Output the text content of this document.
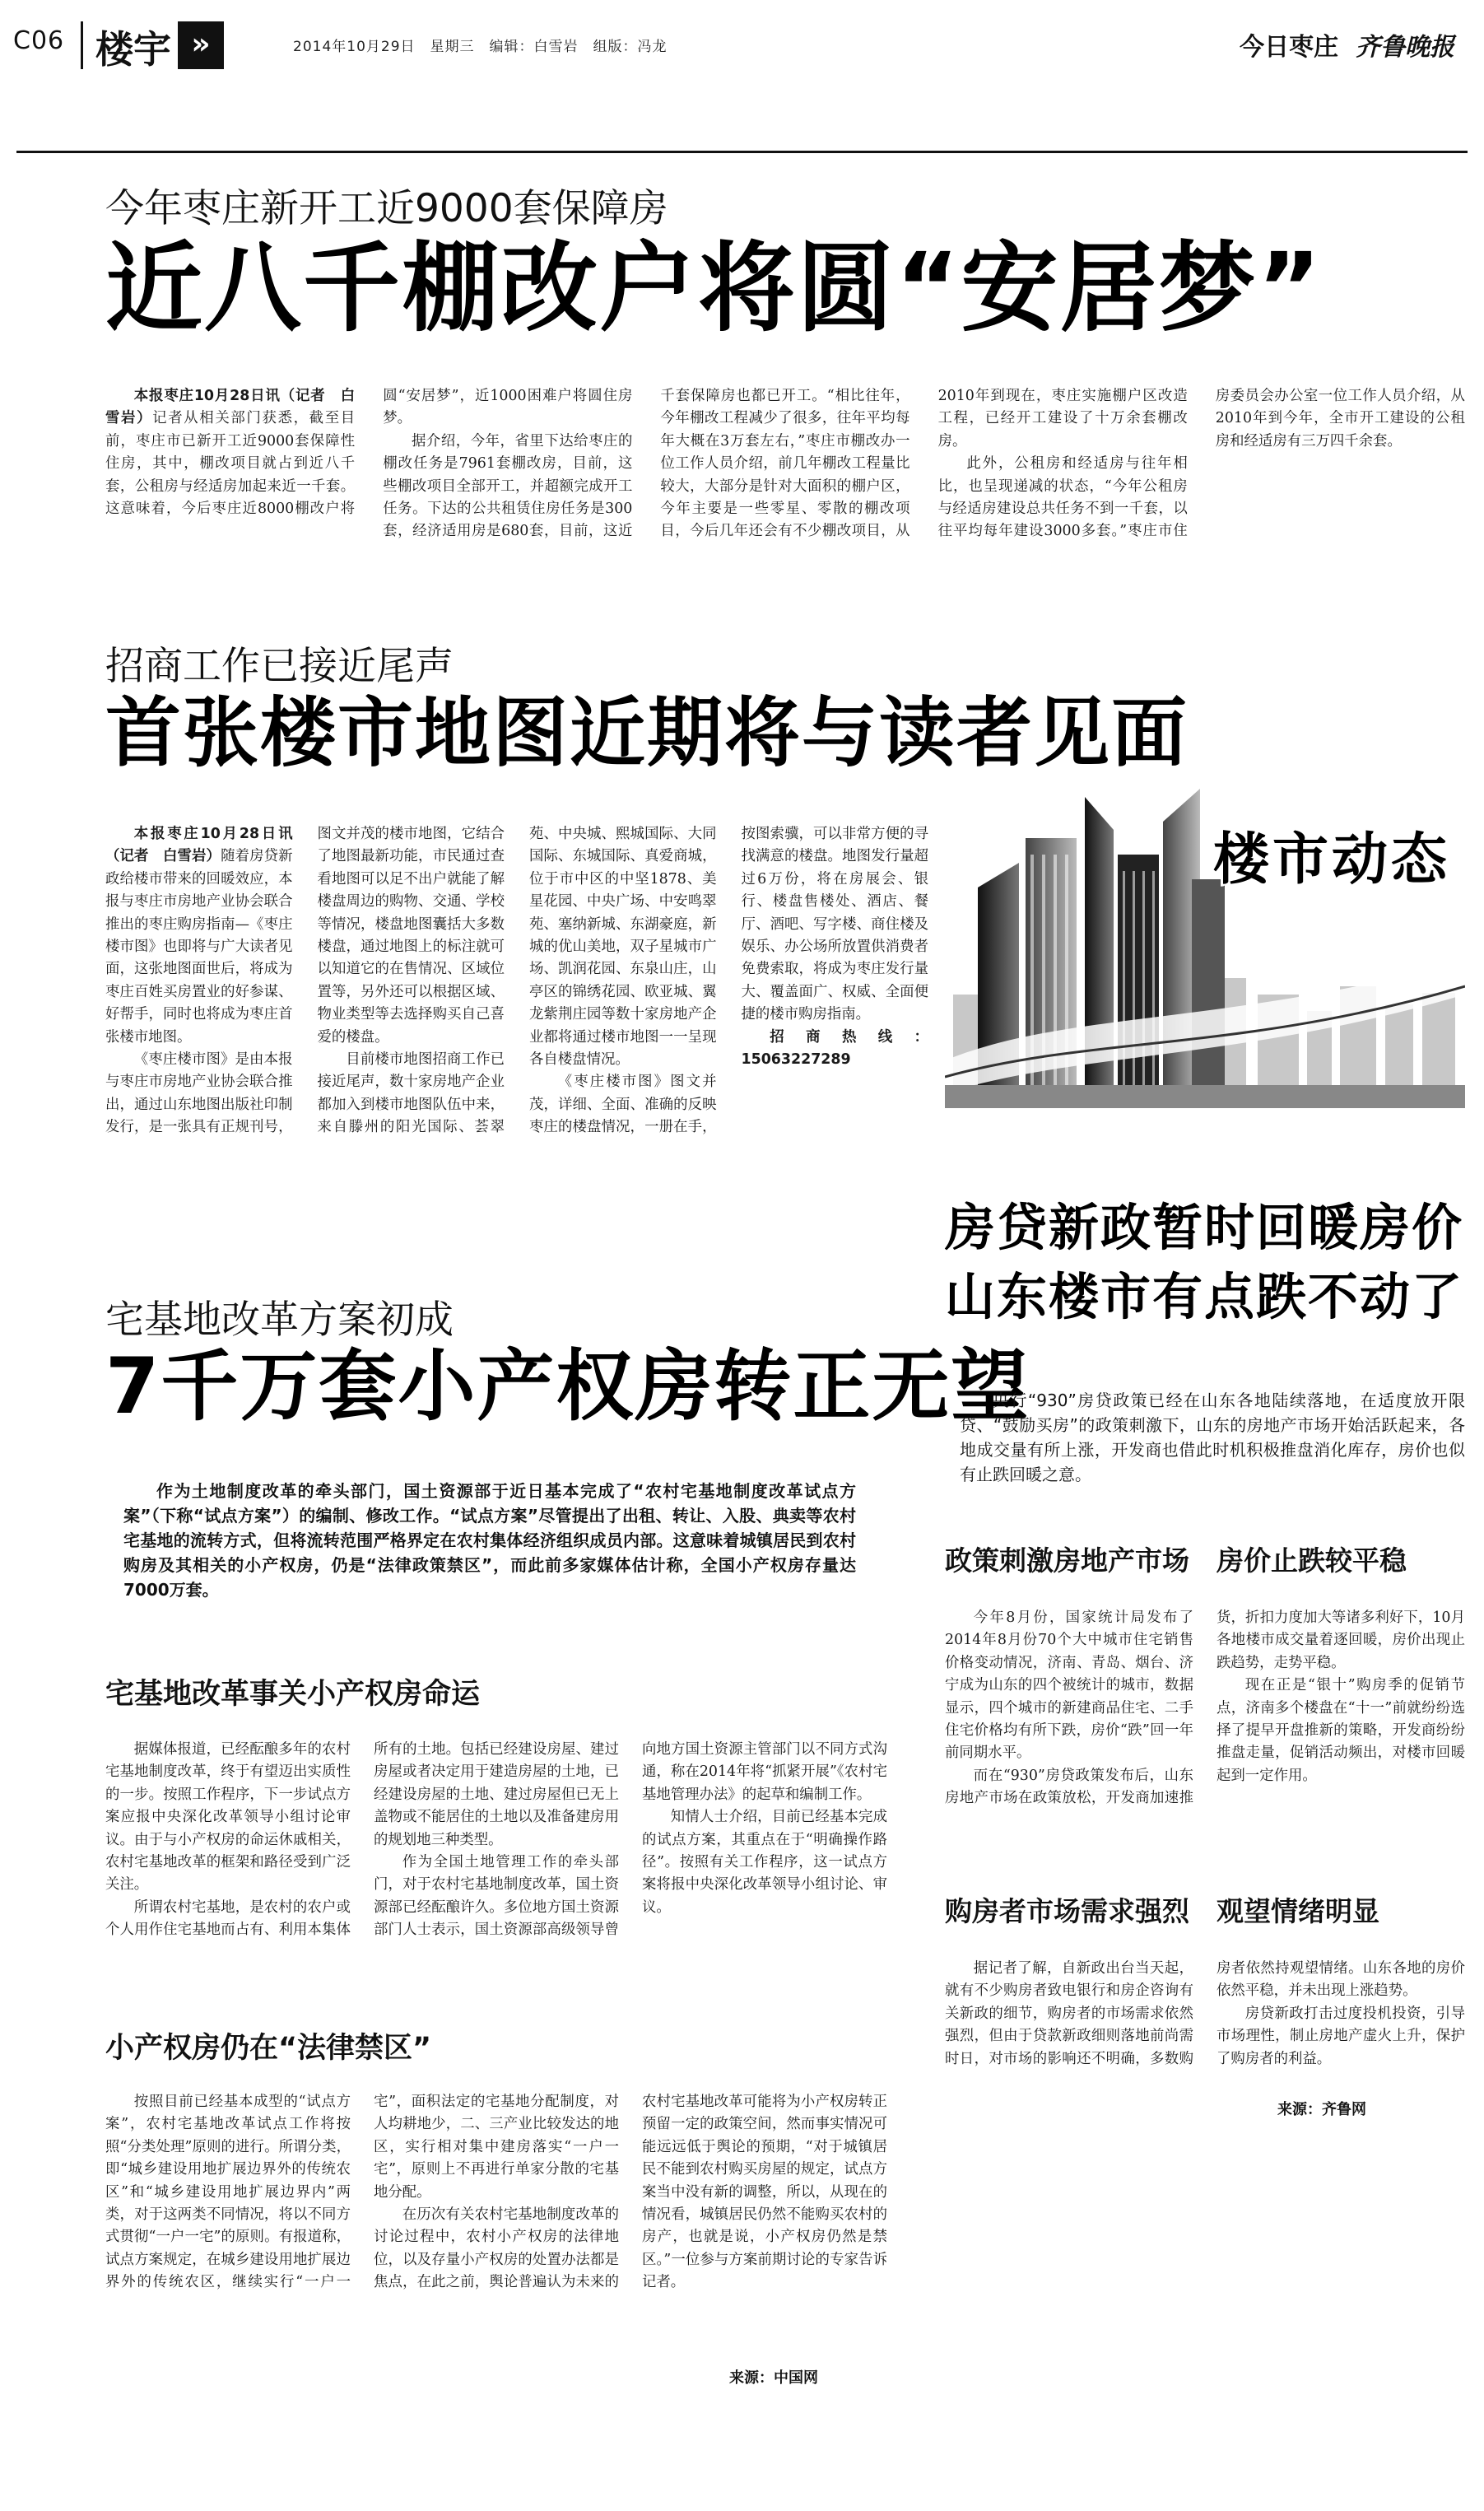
C06 楼宇 »	2014年10月29日　星期三　编辑：白雪岩　组版：冯龙	今日枣庄 齐鲁晚报
今年枣庄新开工近9000套保障房
近八千棚改户将圆“安居梦”

本报枣庄10月28日讯（记者　白雪岩）记者从相关部门获悉，截至目前，枣庄市已新开工近9000套保障性住房，其中，棚改项目就占到近八千套，公租房与经适房加起来近一千套。这意味着，今后枣庄近8000棚改户将圆“安居梦”，近1000困难户将圆住房梦。

据介绍，今年，省里下达给枣庄的棚改任务是7961套棚改房，目前，这些棚改项目全部开工，并超额完成开工任务。下达的公共租赁住房任务是300套，经济适用房是680套，目前，这近千套保障房也都已开工。“相比往年，今年棚改工程减少了很多，往年平均每年大概在3万套左右，”枣庄市棚改办一位工作人员介绍，前几年棚改工程量比较大，大部分是针对大面积的棚户区，今年主要是一些零星、零散的棚改项目，今后几年还会有不少棚改项目，从2010年到现在，枣庄实施棚户区改造工程，已经开工建设了十万余套棚改房。

此外，公租房和经适房与往年相比，也呈现递减的状态，“今年公租房与经适房建设总共任务不到一千套，以往平均每年建设3000多套。”枣庄市住房委员会办公室一位工作人员介绍，从2010年到今年，全市开工建设的公租房和经适房有三万四千余套。

招商工作已接近尾声
首张楼市地图近期将与读者见面

本报枣庄10月28日讯（记者　白雪岩）随着房贷新政给楼市带来的回暖效应，本报与枣庄市房地产业协会联合推出的枣庄购房指南—《枣庄楼市图》也即将与广大读者见面，这张地图面世后，将成为枣庄百姓买房置业的好参谋、好帮手，同时也将成为枣庄首张楼市地图。

《枣庄楼市图》是由本报与枣庄市房地产业协会联合推出，通过山东地图出版社印制发行，是一张具有正规刊号，图文并茂的楼市地图，它结合了地图最新功能，市民通过查看地图可以足不出户就能了解楼盘周边的购物、交通、学校等情况，楼盘地图囊括大多数楼盘，通过地图上的标注就可以知道它的在售情况、区域位置等，另外还可以根据区域、物业类型等去选择购买自己喜爱的楼盘。

目前楼市地图招商工作已接近尾声，数十家房地产企业都加入到楼市地图队伍中来，来自滕州的阳光国际、荟翠苑、中央城、熙城国际、大同国际、东城国际、真爱商城，位于市中区的中坚1878、美星花园、中央广场、中安鸣翠苑、塞纳新城、东湖豪庭，新城的优山美地，双子星城市广场、凯润花园、东泉山庄，山亭区的锦绣花园、欧亚城、翼龙紫荆庄园等数十家房地产企业都将通过楼市地图一一呈现各自楼盘情况。

《枣庄楼市图》图文并茂，详细、全面、准确的反映枣庄的楼盘情况，一册在手，按图索骥，可以非常方便的寻找满意的楼盘。地图发行量超过6万份，将在房展会、银行、楼盘售楼处、酒店、餐厅、酒吧、写字楼、商住楼及娱乐、办公场所放置供消费者免费索取，将成为枣庄发行量大、覆盖面广、权威、全面便捷的楼市购房指南。

招商热线：15063227289

楼市动态
宅基地改革方案初成
7千万套小产权房转正无望

作为土地制度改革的牵头部门，国土资源部于近日基本完成了“农村宅基地制度改革试点方案”（下称“试点方案”）的编制、修改工作。“试点方案”尽管提出了出租、转让、入股、典卖等农村宅基地的流转方式，但将流转范围严格界定在农村集体经济组织成员内部。这意味着城镇居民到农村购房及其相关的小产权房，仍是“法律政策禁区”，而此前多家媒体估计称，全国小产权房存量达7000万套。

宅基地改革事关小产权房命运

据媒体报道，已经酝酿多年的农村宅基地制度改革，终于有望迈出实质性的一步。按照工作程序，下一步试点方案应报中央深化改革领导小组讨论审议。由于与小产权房的命运休戚相关，农村宅基地改革的框架和路径受到广泛关注。

所谓农村宅基地，是农村的农户或个人用作住宅基地而占有、利用本集体所有的土地。包括已经建设房屋、建过房屋或者决定用于建造房屋的土地，已经建设房屋的土地、建过房屋但已无上盖物或不能居住的土地以及准备建房用的规划地三种类型。

作为全国土地管理工作的牵头部门，对于农村宅基地制度改革，国土资源部已经酝酿许久。多位地方国土资源部门人士表示，国土资源部高级领导曾向地方国土资源主管部门以不同方式沟通，称在2014年将“抓紧开展”《农村宅基地管理办法》的起草和编制工作。

知情人士介绍，目前已经基本完成的试点方案，其重点在于“明确操作路径”。按照有关工作程序，这一试点方案将报中央深化改革领导小组讨论、审议。

小产权房仍在“法律禁区”

按照目前已经基本成型的“试点方案”，农村宅基地改革试点工作将按照“分类处理”原则的进行。所谓分类，即“城乡建设用地扩展边界外的传统农区”和“城乡建设用地扩展边界内”两类，对于这两类不同情况，将以不同方式贯彻“一户一宅”的原则。有报道称，试点方案规定，在城乡建设用地扩展边界外的传统农区，继续实行“一户一宅”，面积法定的宅基地分配制度，对人均耕地少，二、三产业比较发达的地区，实行相对集中建房落实“一户一宅”，原则上不再进行单家分散的宅基地分配。

在历次有关农村宅基地制度改革的讨论过程中，农村小产权房的法律地位，以及存量小产权房的处置办法都是焦点，在此之前，舆论普遍认为未来的农村宅基地改革可能将为小产权房转正预留一定的政策空间，然而事实情况可能远远低于舆论的预期，“对于城镇居民不能到农村购买房屋的规定，试点方案当中没有新的调整，所以，从现在的情况看，城镇居民仍然不能购买农村的房产，也就是说，小产权房仍然是禁区。”一位参与方案前期讨论的专家告诉记者。

来源：中国网
房贷新政暂时回暖房价
山东楼市有点跌不动了

央行“930”房贷政策已经在山东各地陆续落地，在适度放开限贷、“鼓励买房”的政策刺激下，山东的房地产市场开始活跃起来，各地成交量有所上涨，开发商也借此时机积极推盘消化库存，房价也似有止跌回暖之意。

政策刺激房地产市场　房价止跌较平稳

今年8月份，国家统计局发布了2014年8月份70个大中城市住宅销售价格变动情况，济南、青岛、烟台、济宁成为山东的四个被统计的城市，数据显示，四个城市的新建商品住宅、二手住宅价格均有所下跌，房价“跌”回一年前同期水平。

而在“930”房贷政策发布后，山东房地产市场在政策放松，开发商加速推货，折扣力度加大等诸多利好下，10月各地楼市成交量着逐回暖，房价出现止跌趋势，走势平稳。

现在正是“银十”购房季的促销节点，济南多个楼盘在“十一”前就纷纷选择了提早开盘推新的策略，开发商纷纷推盘走量，促销活动频出，对楼市回暖起到一定作用。

购房者市场需求强烈　观望情绪明显

据记者了解，自新政出台当天起，就有不少购房者致电银行和房企咨询有关新政的细节，购房者的市场需求依然强烈，但由于贷款新政细则落地前尚需时日，对市场的影响还不明确，多数购房者依然持观望情绪。山东各地的房价依然平稳，并未出现上涨趋势。

房贷新政打击过度投机投资，引导市场理性，制止房地产虚火上升，保护了购房者的利益。

来源：齐鲁网
